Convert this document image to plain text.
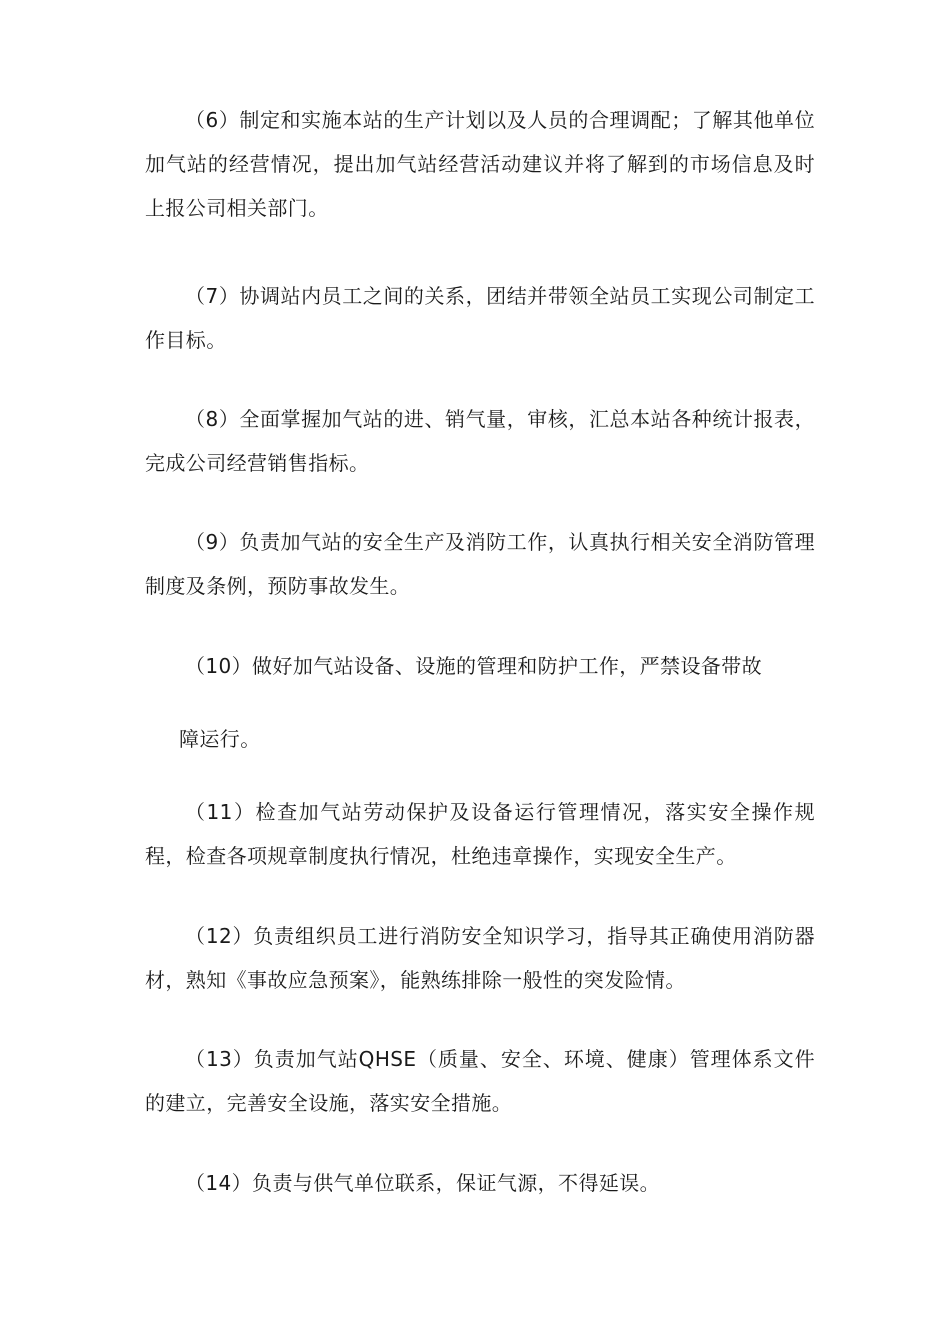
（6）制定和实施本站的生产计划以及人员的合理调配；了解其他单位加气站的经营情况，提出加气站经营活动建议并将了解到的市场信息及时上报公司相关部门。

（7）协调站内员工之间的关系，团结并带领全站员工实现公司制定工作目标。

（8）全面掌握加气站的进、销气量，审核，汇总本站各种统计报表，完成公司经营销售指标。

（9）负责加气站的安全生产及消防工作，认真执行相关安全消防管理制度及条例，预防事故发生。

（10）做好加气站设备、设施的管理和防护工作，严禁设备带故

障运行。

（11）检查加气站劳动保护及设备运行管理情况，落实安全操作规程，检查各项规章制度执行情况，杜绝违章操作，实现安全生产。

（12）负责组织员工进行消防安全知识学习，指导其正确使用消防器材，熟知《事故应急预案》，能熟练排除一般性的突发险情。

（13）负责加气站QHSE（质量、安全、环境、健康）管理体系文件的建立，完善安全设施，落实安全措施。

（14）负责与供气单位联系，保证气源，不得延误。
